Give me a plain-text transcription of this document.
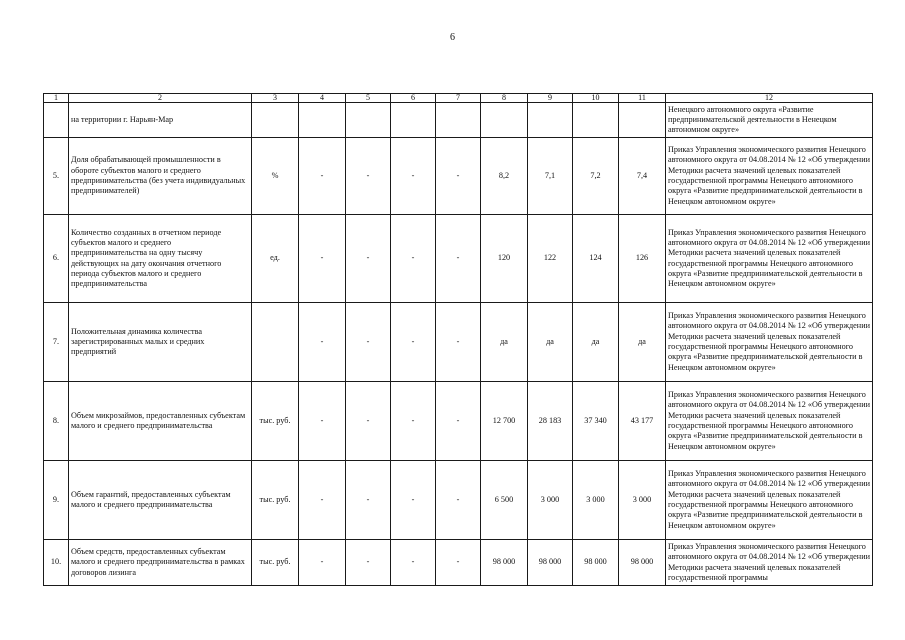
6
1	2	3	4	5	6	7	8	9	10	11	12
	на территории г. Нарьян-Мар										Ненецкого автономного округа «Развитие предпринимательской деятельности в Ненецком автономном округе»
5.	Доля обрабатывающей промышленности в обороте субъектов малого и среднего предпринимательства (без учета индивидуальных предпринимателей)	%	-	-	-	-	8,2	7,1	7,2	7,4	Приказ Управления экономического развития Ненецкого автономного округа от 04.08.2014 № 12 «Об утверждении Методики расчета значений целевых показателей государственной программы Ненецкого автономного округа «Развитие предпринимательской деятельности в Ненецком автономном округе»
6.	Количество созданных в отчетном периоде субъектов малого и среднего предпринимательства на одну тысячу действующих на дату окончания отчетного периода субъектов малого и среднего предпринимательства	ед.	-	-	-	-	120	122	124	126	Приказ Управления экономического развития Ненецкого автономного округа от 04.08.2014 № 12 «Об утверждении Методики расчета значений целевых показателей государственной программы Ненецкого автономного округа «Развитие предпринимательской деятельности в Ненецком автономном округе»
7.	Положительная динамика количества зарегистрированных малых и средних предприятий		-	-	-	-	да	да	да	да	Приказ Управления экономического развития Ненецкого автономного округа от 04.08.2014 № 12 «Об утверждении Методики расчета значений целевых показателей государственной программы Ненецкого автономного округа «Развитие предпринимательской деятельности в Ненецком автономном округе»
8.	Объем микрозаймов, предоставленных субъектам малого и среднего предпринимательства	тыс. руб.	-	-	-	-	12 700	28 183	37 340	43 177	Приказ Управления экономического развития Ненецкого автономного округа от 04.08.2014 № 12 «Об утверждении Методики расчета значений целевых показателей государственной программы Ненецкого автономного округа «Развитие предпринимательской деятельности в Ненецком автономном округе»
9.	Объем гарантий, предоставленных субъектам малого и среднего предпринимательства	тыс. руб.	-	-	-	-	6 500	3 000	3 000	3 000	Приказ Управления экономического развития Ненецкого автономного округа от 04.08.2014 № 12 «Об утверждении Методики расчета значений целевых показателей государственной программы Ненецкого автономного округа «Развитие предпринимательской деятельности в Ненецком автономном округе»
10.	Объем средств, предоставленных субъектам малого и среднего предпринимательства в рамках договоров лизинга	тыс. руб.	-	-	-	-	98 000	98 000	98 000	98 000	Приказ Управления экономического развития Ненецкого автономного округа от 04.08.2014 № 12 «Об утверждении Методики расчета значений целевых показателей государственной программы
